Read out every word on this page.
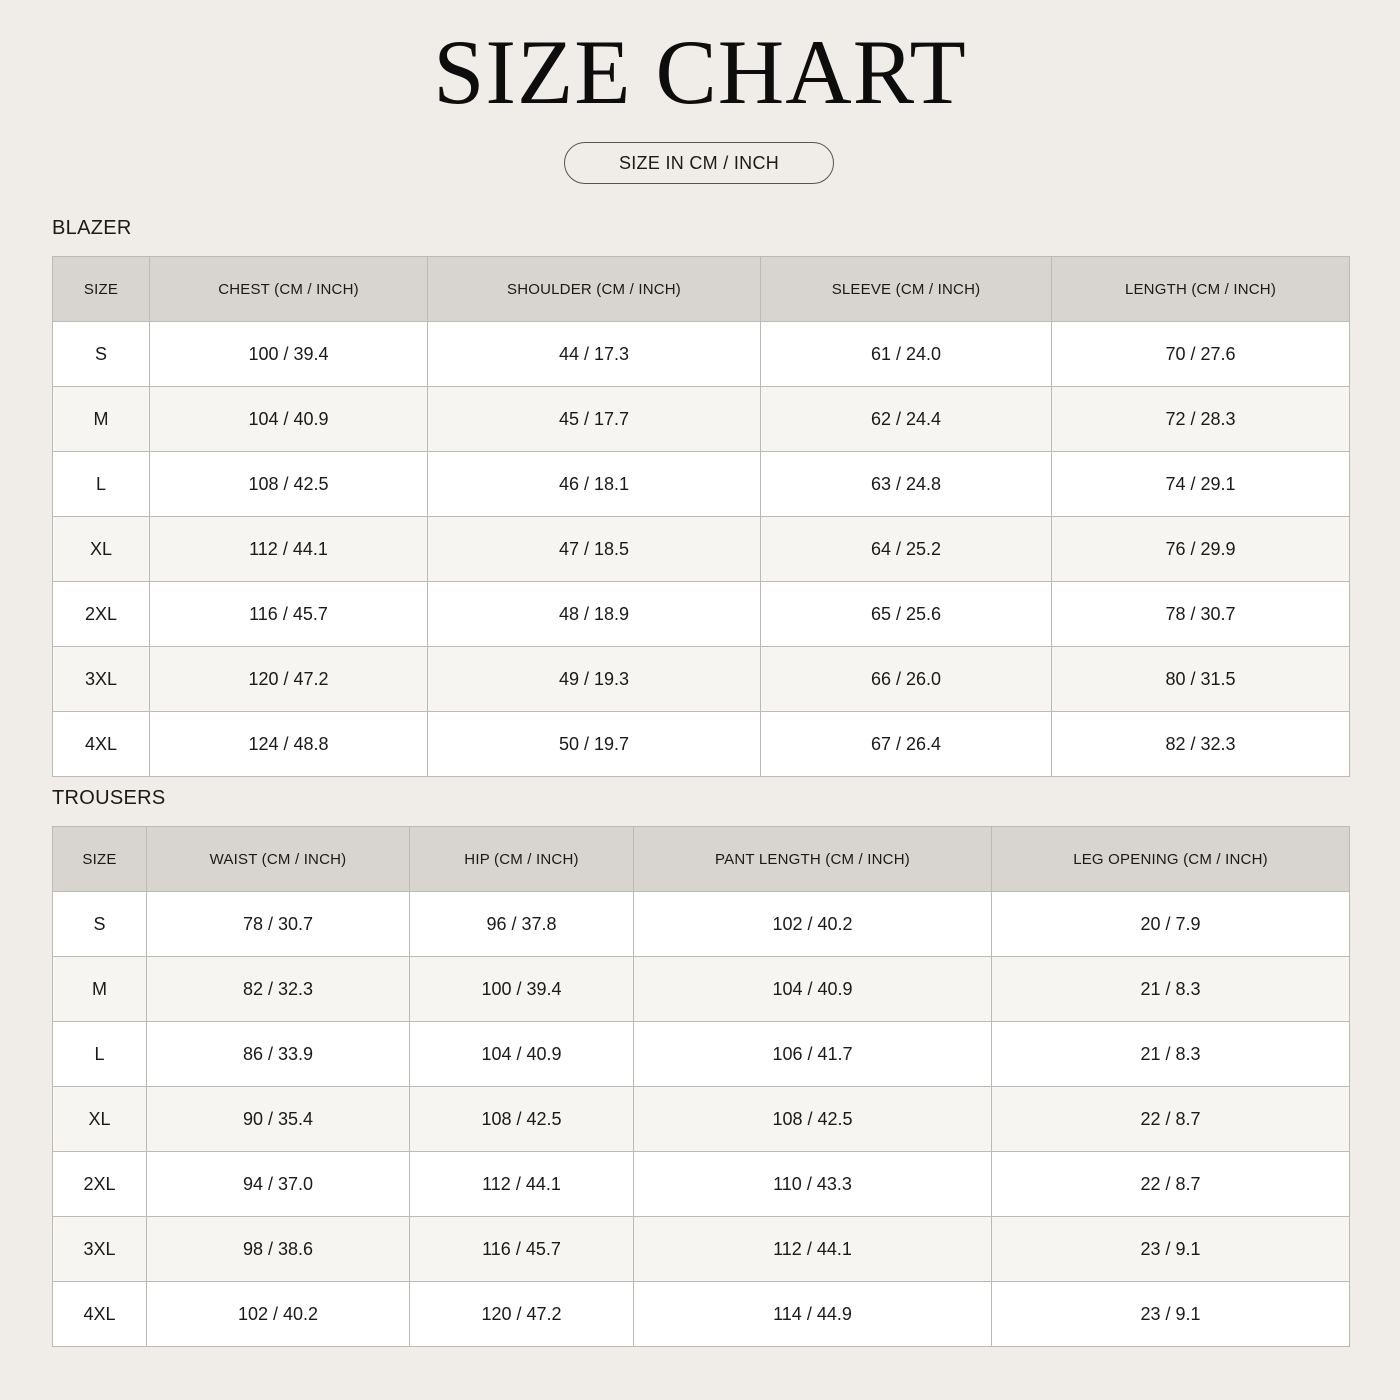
SIZE CHART
SIZE IN CM / INCH
BLAZER
SIZE	CHEST (CM / INCH)	SHOULDER (CM / INCH)	SLEEVE (CM / INCH)	LENGTH (CM / INCH)
S	100 / 39.4	44 / 17.3	61 / 24.0	70 / 27.6
M	104 / 40.9	45 / 17.7	62 / 24.4	72 / 28.3
L	108 / 42.5	46 / 18.1	63 / 24.8	74 / 29.1
XL	112 / 44.1	47 / 18.5	64 / 25.2	76 / 29.9
2XL	116 / 45.7	48 / 18.9	65 / 25.6	78 / 30.7
3XL	120 / 47.2	49 / 19.3	66 / 26.0	80 / 31.5
4XL	124 / 48.8	50 / 19.7	67 / 26.4	82 / 32.3
TROUSERS
SIZE	WAIST (CM / INCH)	HIP (CM / INCH)	PANT LENGTH (CM / INCH)	LEG OPENING (CM / INCH)
S	78 / 30.7	96 / 37.8	102 / 40.2	20 / 7.9
M	82 / 32.3	100 / 39.4	104 / 40.9	21 / 8.3
L	86 / 33.9	104 / 40.9	106 / 41.7	21 / 8.3
XL	90 / 35.4	108 / 42.5	108 / 42.5	22 / 8.7
2XL	94 / 37.0	112 / 44.1	110 / 43.3	22 / 8.7
3XL	98 / 38.6	116 / 45.7	112 / 44.1	23 / 9.1
4XL	102 / 40.2	120 / 47.2	114 / 44.9	23 / 9.1
